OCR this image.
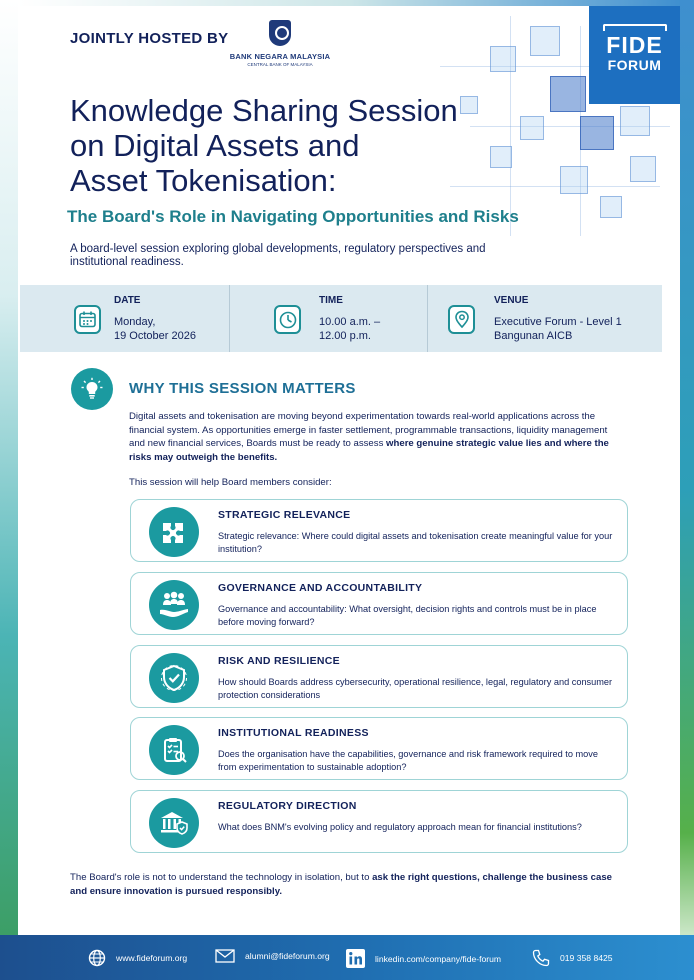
JOINTLY HOSTED BY
BANK NEGARA MALAYSIA
CENTRAL BANK OF MALAYSIA
FIDE
FORUM
Knowledge Sharing Session
on Digital Assets and
Asset Tokenisation:
The Board's Role in Navigating Opportunities and Risks
A board-level session exploring global developments, regulatory perspectives and institutional readiness.
DATE
Monday,
19 October 2026
TIME
10.00 a.m. –
12.00 p.m.
VENUE
Executive Forum - Level 1
Bangunan AICB
WHY THIS SESSION MATTERS
Digital assets and tokenisation are moving beyond experimentation towards real-world applications across the financial system. As opportunities emerge in faster settlement, programmable transactions, liquidity management and new financial services, Boards must be ready to assess where genuine strategic value lies and where the risks may outweigh the benefits.
This session will help Board members consider:
STRATEGIC RELEVANCE
Strategic relevance: Where could digital assets and tokenisation create meaningful value for your institution?
GOVERNANCE AND ACCOUNTABILITY
Governance and accountability: What oversight, decision rights and controls must be in place before moving forward?
RISK AND RESILIENCE
How should Boards address cybersecurity, operational resilience, legal, regulatory and consumer protection considerations
INSTITUTIONAL READINESS
Does the organisation have the capabilities, governance and risk framework required to move from experimentation to sustainable adoption?
REGULATORY DIRECTION
What does BNM's evolving policy and regulatory approach mean for financial institutions?
The Board's role is not to understand the technology in isolation, but to ask the right questions, challenge the business case and ensure innovation is pursued responsibly.
www.fideforum.org	alumni@fideforum.org	linkedin.com/company/fide-forum	019 358 8425
